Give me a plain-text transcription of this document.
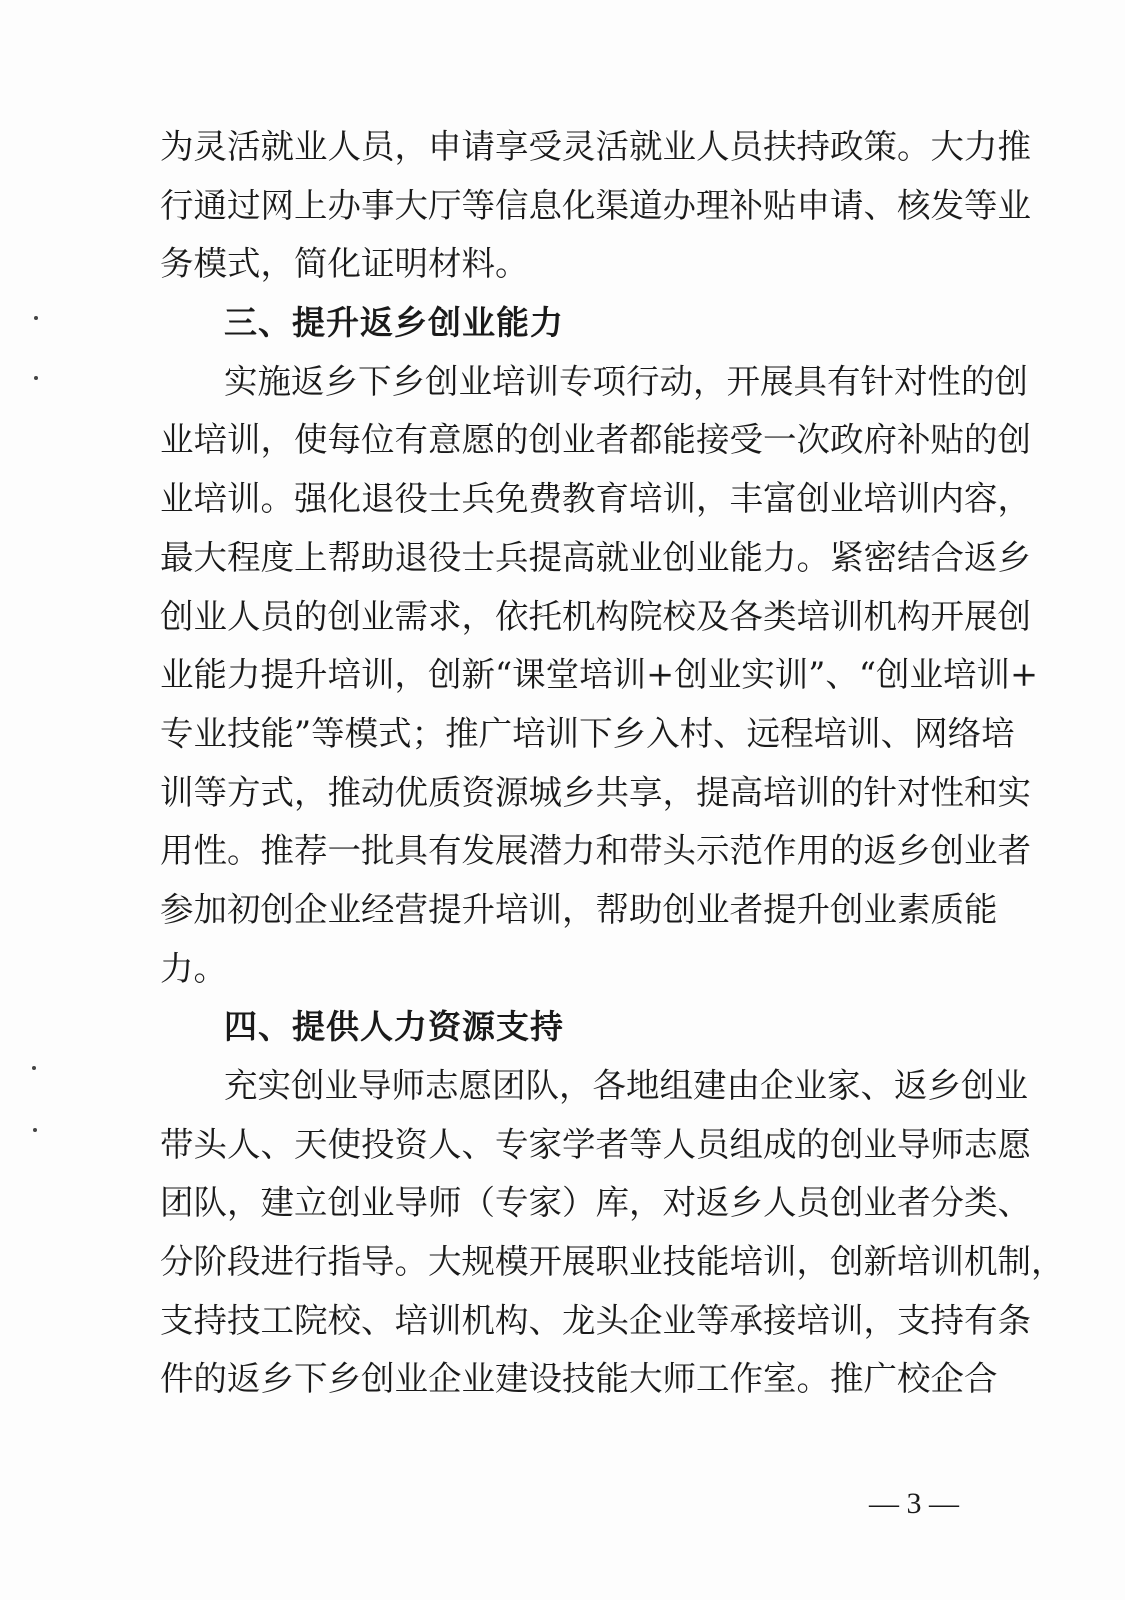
为灵活就业人员，申请享受灵活就业人员扶持政策。大力推
行通过网上办事大厅等信息化渠道办理补贴申请、核发等业
务模式，简化证明材料。
三、提升返乡创业能力
实施返乡下乡创业培训专项行动，开展具有针对性的创
业培训，使每位有意愿的创业者都能接受一次政府补贴的创
业培训。强化退役士兵免费教育培训，丰富创业培训内容，
最大程度上帮助退役士兵提高就业创业能力。紧密结合返乡
创业人员的创业需求，依托机构院校及各类培训机构开展创
业能力提升培训，创新“课堂培训+创业实训”、“创业培训+
专业技能”等模式；推广培训下乡入村、远程培训、网络培
训等方式，推动优质资源城乡共享，提高培训的针对性和实
用性。推荐一批具有发展潜力和带头示范作用的返乡创业者
参加初创企业经营提升培训，帮助创业者提升创业素质能
力。
四、提供人力资源支持
充实创业导师志愿团队，各地组建由企业家、返乡创业
带头人、天使投资人、专家学者等人员组成的创业导师志愿
团队，建立创业导师（专家）库，对返乡人员创业者分类、
分阶段进行指导。大规模开展职业技能培训，创新培训机制，
支持技工院校、培训机构、龙头企业等承接培训，支持有条
件的返乡下乡创业企业建设技能大师工作室。推广校企合
— 3 —
